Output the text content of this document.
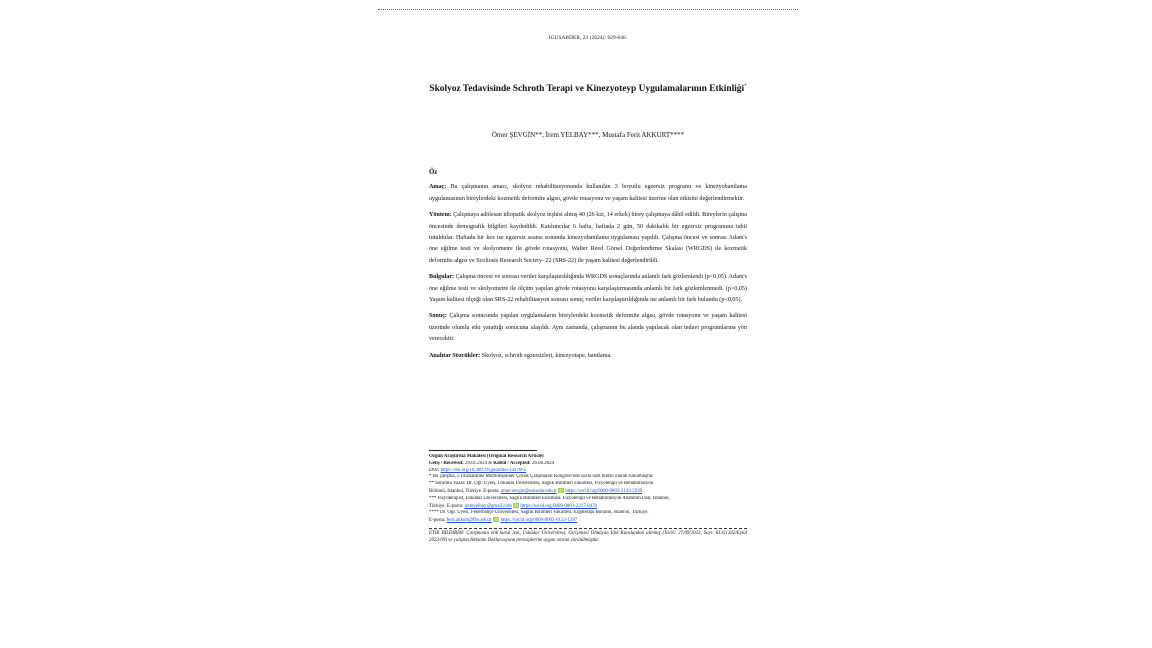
IGUSABDER, 23 (2024): 629-640.
Skolyoz Tedavisinde Schroth Terapi ve Kinezyoteyp Uygulamalarının Etkinliği*
Ömer ŞEVGİN**, İrem YELBAY***, Mustafa Ferit AKKURT****
Öz

Amaç: Bu çalışmanın amacı, skolyoz rehabilitasyonunda kullanılan 3 boyutlu egzersiz programı ve kinezyobantlama uygulamasının bireylerdeki kozmetik deformite algısı, gövde rotasyonu ve yaşam kalitesi üzerine olan etkisini değerlendirmektir.

Yöntem: Çalışmaya adölesan idiopatik skolyoz teşhisi almış 40 (26 kız, 14 erkek) birey çalışmaya dâhil edildi. Bireylerin çalışma öncesinde demografik bilgileri kaydedildi. Katılımcılar 6 hafta, haftada 2 gün, 50 dakikalık bir egzersiz programına tabii tutuldular. Haftada bir kez ise egzersiz seansı sonunda kinezyobantlama uygulaması yapıldı. Çalışma öncesi ve sonrası Adam's öne eğilme testi ve skolyometre ile gövde rotasyonu, Walter Reed Görsel Değerlendirme Skalası (WRGDS) ile kozmetik deformite algısı ve Scoliosis Research Society- 22 (SRS-22) ile yaşam kalitesi değerlendirildi.

Bulgular: Çalışma öncesi ve sonrası veriler karşılaştırıldığında WRGDS sonuçlarında anlamlı fark gözlemlendi (p<0,05). Adam's öne eğilme testi ve skolyometre ile ölçüm yapılan gövde rotasyonu karşılaştırmasında anlamlı bir fark gözlemlenmedi. (p>0,05) Yaşam kalitesi ölçeği olan SRS-22 rehabilitasyon sonrası sonuç veriler karşılaştırıldığında ise anlamlı bir fark bulundu (p<0,05).

Sonuç: Çalışma sonucunda yapılan uygulamaların bireylerdeki kozmetik deformite algısı, gövde rotasyonu ve yaşam kalitesi üzerinde olumlu etki yarattığı sonucuna ulaşıldı. Aynı zamanda, çalışmanın bu alanda yapılacak olan tedavi programlarına yön verecektir.

Anahtar Sözcükler: Skolyoz, schroth egzersizleri, kinezyotape, bantlama.

Özgün Araştırma Makalesi (Original Research Article)
Geliş / Received: 29.01.2024 & Kabul / Accepted: 26.06.2024
DOI: https://doi.org/10.38079/igusabder.1427665
* Bu çalışma, 5.Uluslararası Multidisipliner Çocuk Çalışmaları Kongresi'nde sözlü özet bildiri olarak sunulmuştur.
** Sorumlu Yazar: Dr. Öğr. Üyesi, Üsküdar Üniversitesi, Sağlık Bilimleri Fakültesi, Fizyoterapi ve Rehabilitasyon
Bölümü, İstanbul, Türkiye. E-posta: omer.sevgin@uskudar.edu.tr iD https://orcid.org/0000-0003-2143-5939
*** Fizyoterapist, Üsküdar Üniversitesi, Sağlık Bilimleri Enstitüsü, Fizyoterapi ve Rehabilitasyon Anabilim Dalı, İstanbul,
Türkiye. E-posta: iremyelbay@gmail.com iD https://orcid.org/0009-0001-2217-8470
**** Dr. Öğr. Üyesi, Fenerbahçe Üniversitesi, Sağlık Bilimleri Fakültesi, Ergoterapi Bölümü, İstanbul, Türkiye.
E-posta: ferit.akkurt@fbu.edu.tr iD https://orcid.org/0000-0002-0123-1287
ETİK BİLDİRİM: Çalışmanın etik kurul izni, Üsküdar Üniversitesi, Girişimsel Olmayan Etik Kurulundan alınmış (Tarih: 27/09/2023, Sayı: 61351342/Eylül 2023-09) ve çalışma Helsinki Deklarasyonu prensiplerine uygun olarak yürütülmüştür.
